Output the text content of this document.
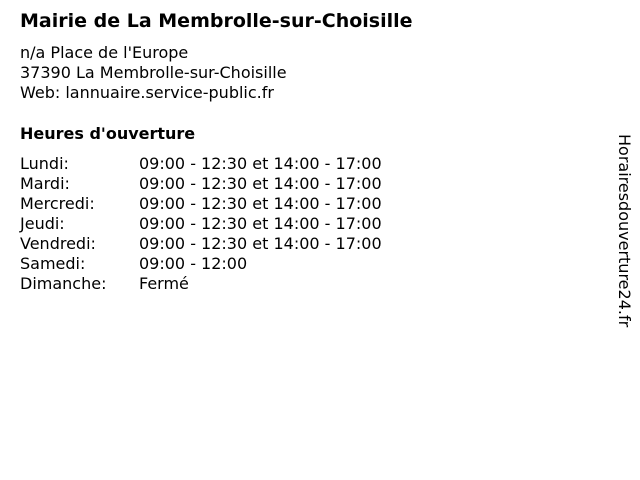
Mairie de La Membrolle-sur-Choisille
n/a Place de l'Europe
37390 La Membrolle-sur-Choisille
Web: lannuaire.service-public.fr
Heures d'ouverture
Lundi:	09:00 - 12:30 et 14:00 - 17:00
Mardi:	09:00 - 12:30 et 14:00 - 17:00
Mercredi:	09:00 - 12:30 et 14:00 - 17:00
Jeudi:	09:00 - 12:30 et 14:00 - 17:00
Vendredi:	09:00 - 12:30 et 14:00 - 17:00
Samedi:	09:00 - 12:00
Dimanche:	Fermé	Horairesdouverture24.fr
